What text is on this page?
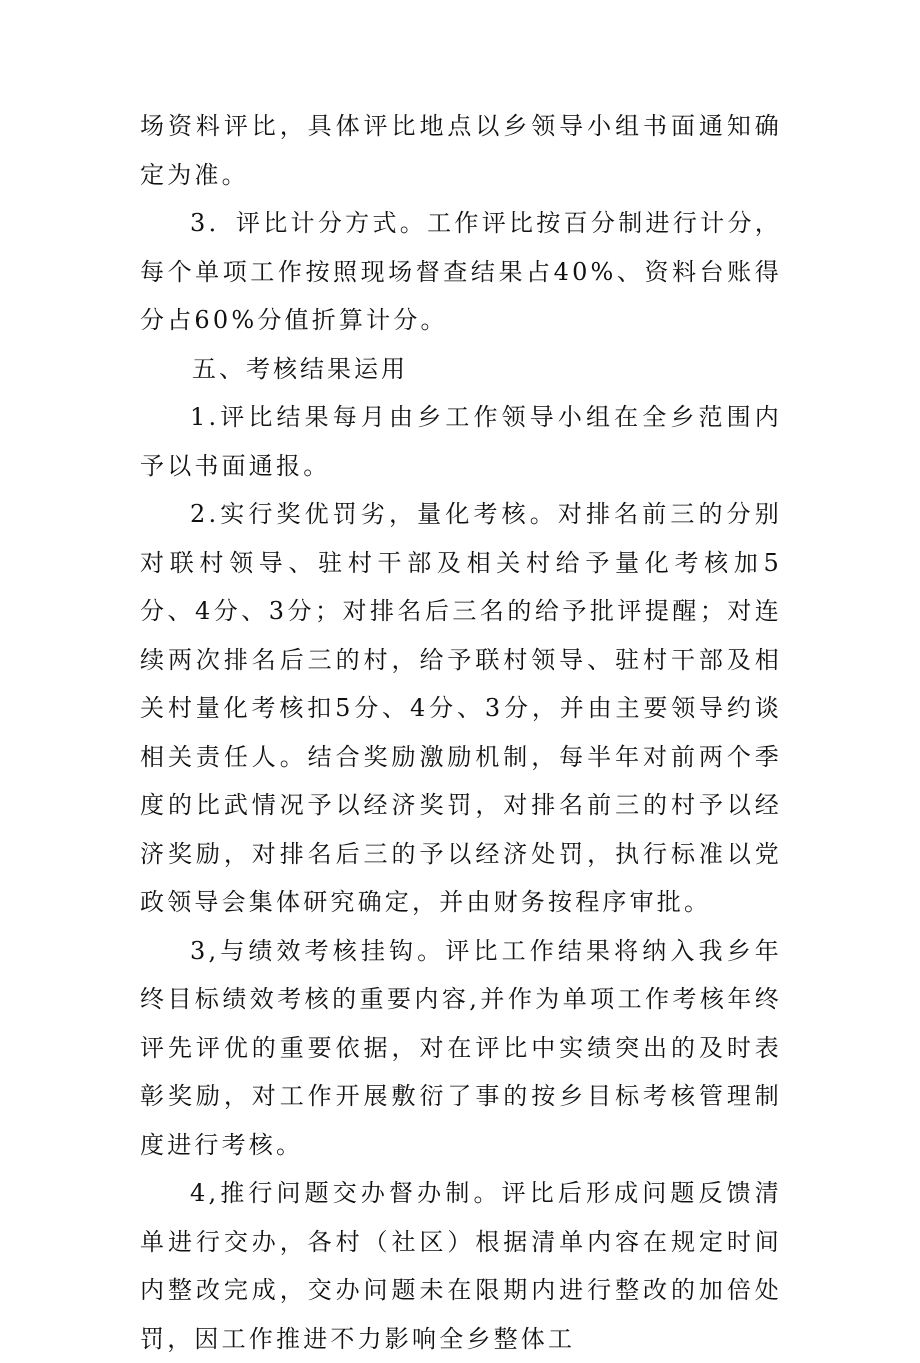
场资料评比，具体评比地点以乡领导小组书面通知确定为准。

3．评比计分方式。工作评比按百分制进行计分，每个单项工作按照现场督查结果占40%、资料台账得分占60%分值折算计分。

五、考核结果运用

1.评比结果每月由乡工作领导小组在全乡范围内予以书面通报。

2.实行奖优罚劣，量化考核。对排名前三的分别对联村领导、驻村干部及相关村给予量化考核加5分、4分、3分；对排名后三名的给予批评提醒；对连续两次排名后三的村，给予联村领导、驻村干部及相关村量化考核扣5分、4分、3分，并由主要领导约谈相关责任人。结合奖励激励机制，每半年对前两个季度的比武情况予以经济奖罚，对排名前三的村予以经济奖励，对排名后三的予以经济处罚，执行标准以党政领导会集体研究确定，并由财务按程序审批。

3,与绩效考核挂钩。评比工作结果将纳入我乡年终目标绩效考核的重要内容,并作为单项工作考核年终评先评优的重要依据，对在评比中实绩突出的及时表彰奖励，对工作开展敷衍了事的按乡目标考核管理制度进行考核。

4,推行问题交办督办制。评比后形成问题反馈清单进行交办，各村（社区）根据清单内容在规定时间内整改完成，交办问题未在限期内进行整改的加倍处罚，因工作推进不力影响全乡整体工
